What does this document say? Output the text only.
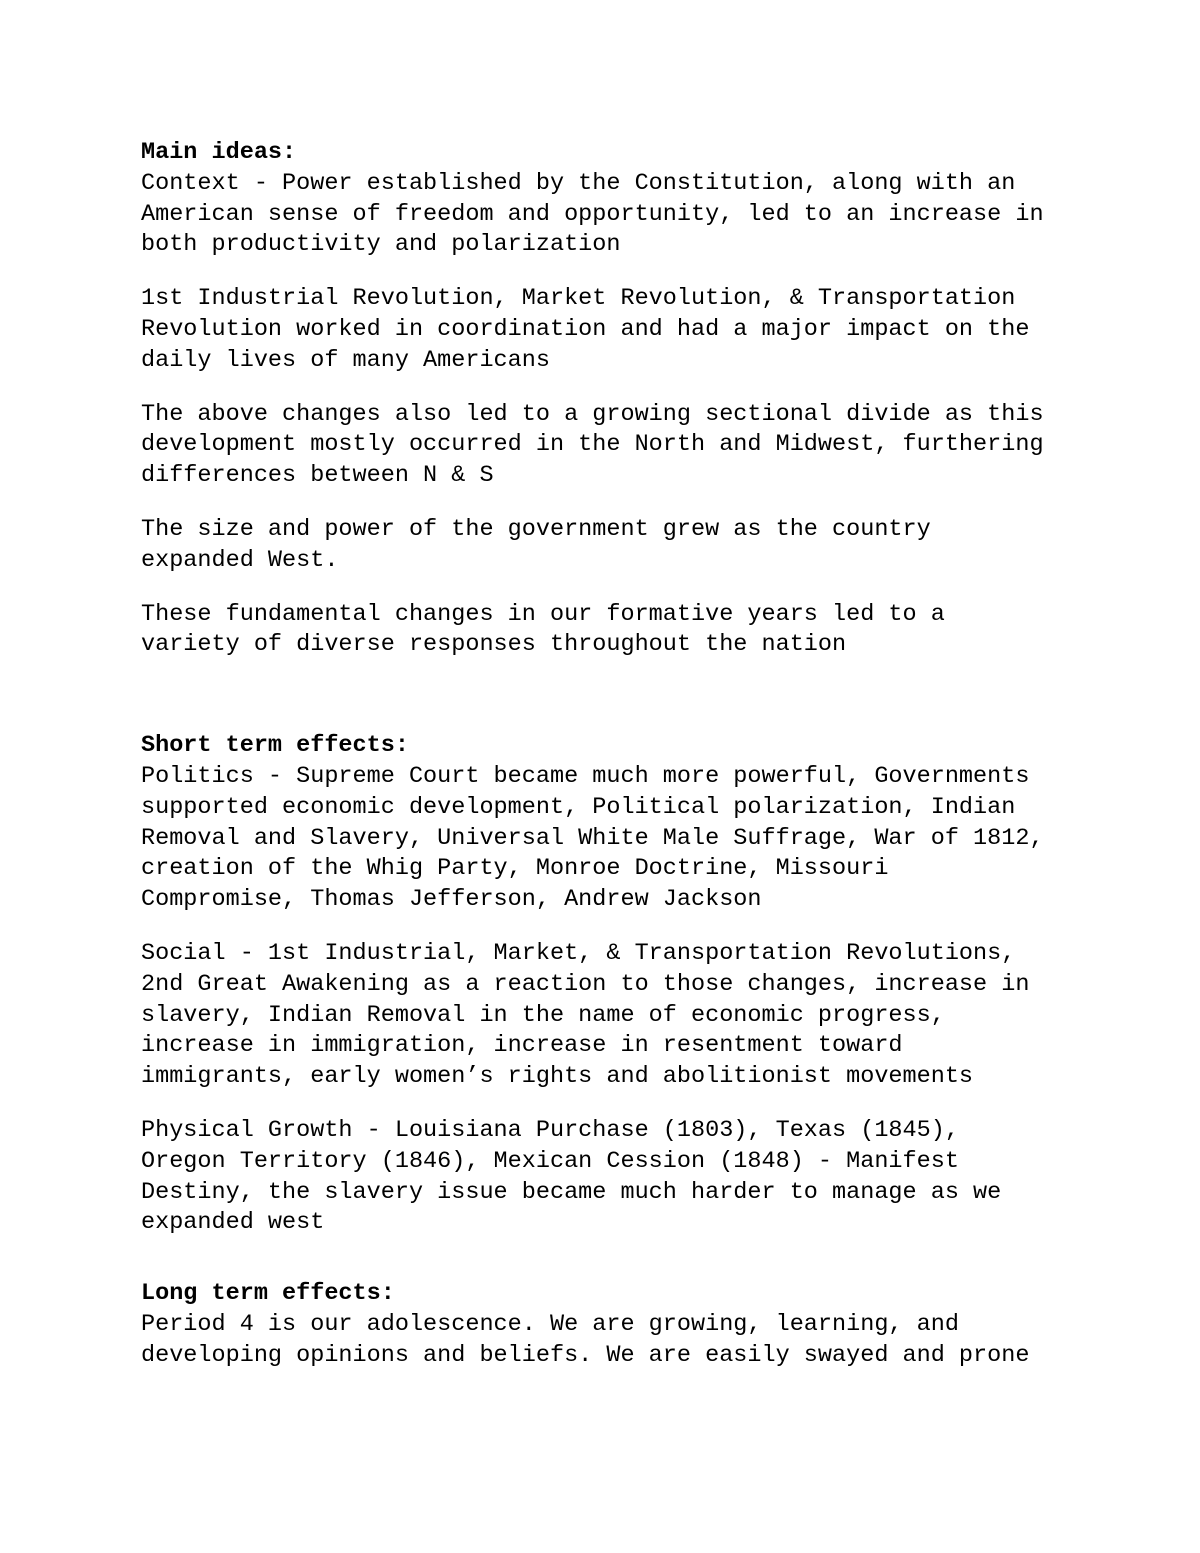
Main ideas:

Context - Power established by the Constitution, along with an
American sense of freedom and opportunity, led to an increase in
both productivity and polarization

1st Industrial Revolution, Market Revolution, & Transportation
Revolution worked in coordination and had a major impact on the
daily lives of many Americans

The above changes also led to a growing sectional divide as this
development mostly occurred in the North and Midwest, furthering
differences between N & S

The size and power of the government grew as the country
expanded West.

These fundamental changes in our formative years led to a
variety of diverse responses throughout the nation

Short term effects:

Politics - Supreme Court became much more powerful, Governments
supported economic development, Political polarization, Indian
Removal and Slavery, Universal White Male Suffrage, War of 1812,
creation of the Whig Party, Monroe Doctrine, Missouri
Compromise, Thomas Jefferson, Andrew Jackson

Social - 1st Industrial, Market, & Transportation Revolutions,
2nd Great Awakening as a reaction to those changes, increase in
slavery, Indian Removal in the name of economic progress,
increase in immigration, increase in resentment toward
immigrants, early women’s rights and abolitionist movements

Physical Growth - Louisiana Purchase (1803), Texas (1845),
Oregon Territory (1846), Mexican Cession (1848) - Manifest
Destiny, the slavery issue became much harder to manage as we
expanded west

Long term effects:

Period 4 is our adolescence. We are growing, learning, and
developing opinions and beliefs. We are easily swayed and prone
